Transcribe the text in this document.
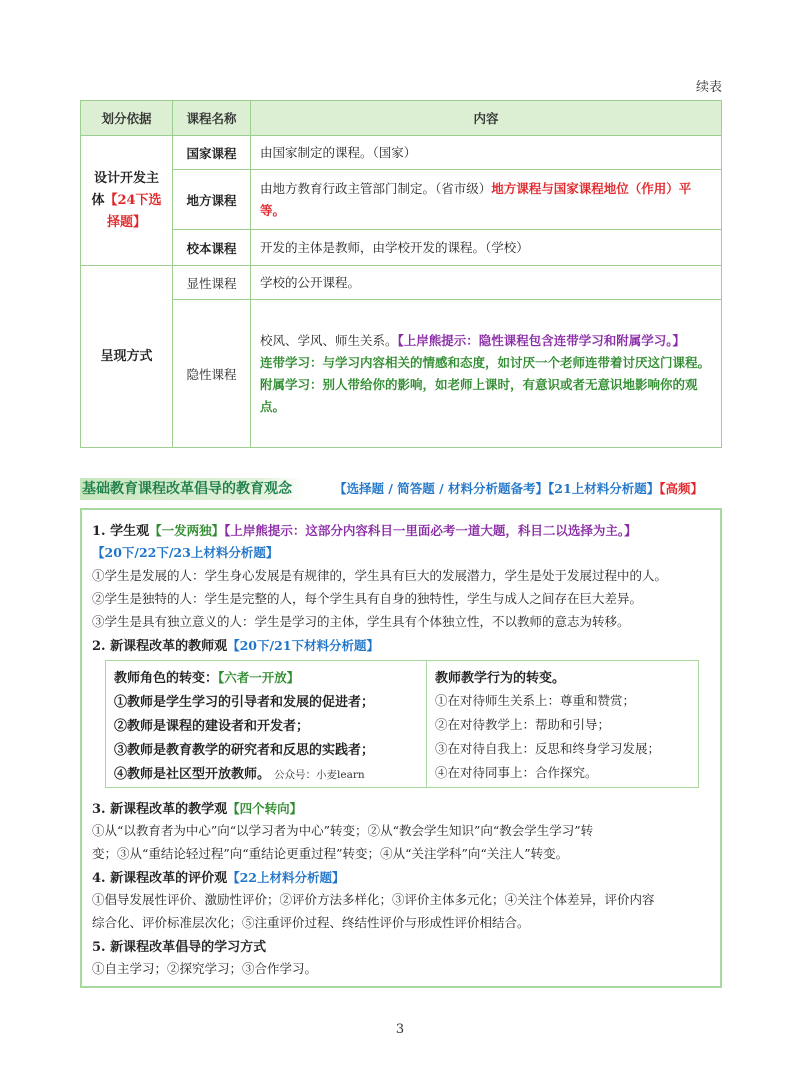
续表
划分依据	课程名称	内容
设计开发主体【24下选择题】	国家课程	由国家制定的课程。（国家）
	地方课程	由地方教育行政主管部门制定。（省市级）地方课程与国家课程地位（作用）平等。
	校本课程	开发的主体是教师，由学校开发的课程。（学校）
呈现方式	显性课程	学校的公开课程。
	隐性课程	校风、学风、师生关系。【上岸熊提示：隐性课程包含连带学习和附属学习。】
连带学习：与学习内容相关的情感和态度，如讨厌一个老师连带着讨厌这门课程。
附属学习：别人带给你的影响，如老师上课时，有意识或者无意识地影响你的观点。
基础教育课程改革倡导的教育观念	【选择题 / 简答题 / 材料分析题备考】【21上材料分析题】【高频】
1. 学生观【一发两独】【上岸熊提示：这部分内容科目一里面必考一道大题，科目二以选择为主。】
【20下/22下/23上材料分析题】
①学生是发展的人：学生身心发展是有规律的，学生具有巨大的发展潜力，学生是处于发展过程中的人。
②学生是独特的人：学生是完整的人，每个学生具有自身的独特性，学生与成人之间存在巨大差异。
③学生是具有独立意义的人：学生是学习的主体，学生具有个体独立性，不以教师的意志为转移。
2. 新课程改革的教师观【20下/21下材料分析题】
教师角色的转变：【六者一开放】
①教师是学生学习的引导者和发展的促进者；
②教师是课程的建设者和开发者；
③教师是教育教学的研究者和反思的实践者；
④教师是社区型开放教师。 公众号：小麦learn
教师教学行为的转变。
①在对待师生关系上：尊重和赞赏；
②在对待教学上：帮助和引导；
③在对待自我上：反思和终身学习发展；
④在对待同事上：合作探究。
3. 新课程改革的教学观【四个转向】
①从“以教育者为中心”向“以学习者为中心”转变；②从“教会学生知识”向“教会学生学习”转
变；③从“重结论轻过程”向“重结论更重过程”转变；④从“关注学科”向“关注人”转变。
4. 新课程改革的评价观【22上材料分析题】
①倡导发展性评价、激励性评价；②评价方法多样化；③评价主体多元化；④关注个体差异，评价内容
综合化、评价标准层次化；⑤注重评价过程、终结性评价与形成性评价相结合。
5. 新课程改革倡导的学习方式
①自主学习；②探究学习；③合作学习。
3
